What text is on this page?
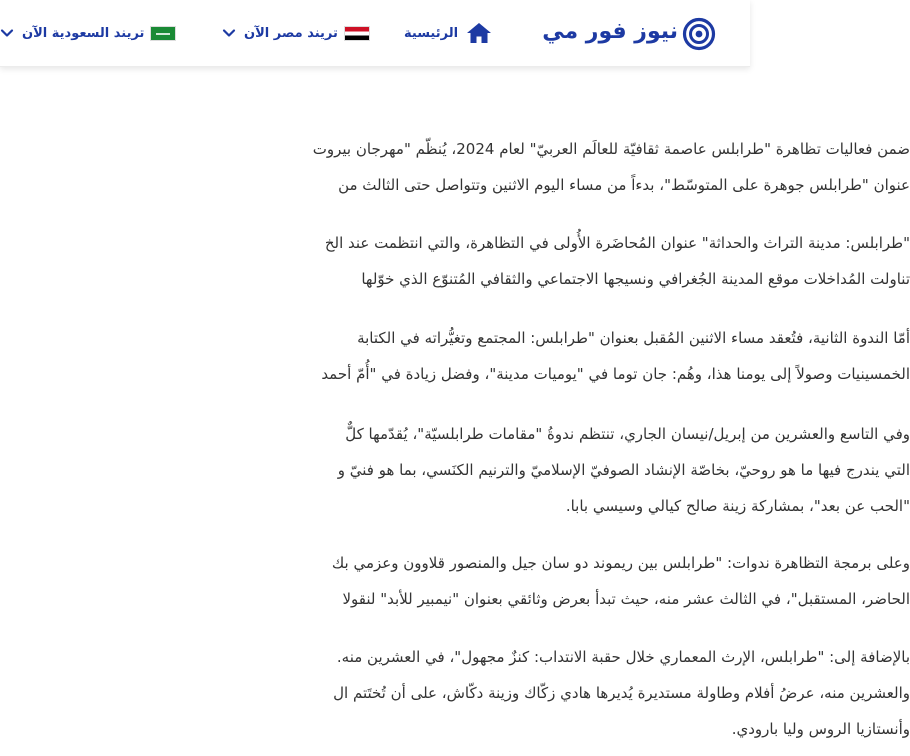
نيوز فور مي
الرئيسية
تريند مصر الآن
تريند السعودية الآن

ضمن فعاليات تظاهرة "طرابلس عاصمة ثقافيّة للعالَم العربيّ" لعام 2024، يُنظّم "مهرجان بيروت
عنوان "طرابلس جوهرة على المتوسّط"، بدءاً من مساء اليوم الاثنين وتتواصل حتى الثالث من

"طرابلس: مدينة التراث والحداثة" عنوان المُحاضَرة الأُولى في التظاهرة، والتي انتظمت عند الخ
تناولت المُداخلات موقع المدينة الجُغرافي ونسيجها الاجتماعي والثقافي المُتنوّع الذي خوّلها

أمّا الندوة الثانية، فتُعقد مساء الاثنين المُقبل بعنوان "طرابلس: المجتمع وتغيُّراته في الكتابة
الخمسينيات وصولاً إلى يومنا هذا، وهُم: جان توما في "يوميات مدينة"، وفضل زيادة في "أُمّ أحمد

وفي التاسع والعشرين من إبريل/نيسان الجاري، تنتظم ندوةُ "مقامات طرابلسيّة"، يُقدّمها كلٌّ
التي يندرج فيها ما هو روحيّ، بخاصّة الإنشاد الصوفيّ الإسلاميّ والترنيم الكنَسي، بما هو فنيّ و
"الحب عن بعد"، بمشاركة زينة صالح كيالي وسيسي بابا.

وعلى برمجة التظاهرة ندوات: "طرابلس بين ريموند دو سان جيل والمنصور قلاوون وعزمي بك
الحاضر، المستقبل"، في الثالث عشر منه، حيث تبدأ بعرض وثائقي بعنوان "نيمبير للأبد" لنقولا

بالإضافة إلى: "طرابلس، الإرث المعماري خلال حقبة الانتداب: كنزٌ مجهول"، في العشرين منه.
والعشرين منه، عرضُ أفلام وطاولة مستديرة يُديرها هادي زكّاك وزينة دكّاش، على أن تُختَتم ال
وأنستازيا الروس وليا بارودي.
